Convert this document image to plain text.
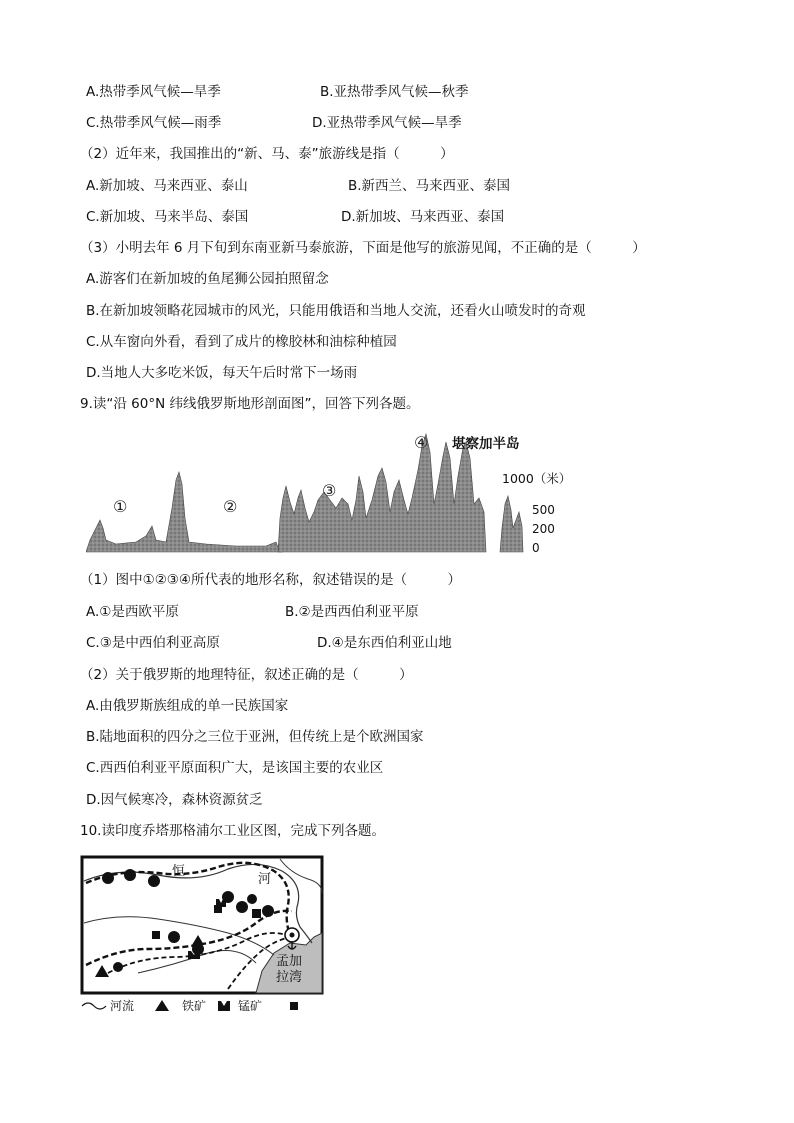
A.热带季风气候—旱季	B.亚热带季风气候—秋季
C.热带季风气候—雨季	D.亚热带季风气候—旱季
（2）近年来，我国推出的“新、马、泰”旅游线是指（　　　）
A.新加坡、马来西亚、泰山	B.新西兰、马来西亚、泰国
C.新加坡、马来半岛、泰国	D.新加坡、马来西亚、泰国
（3）小明去年 6 月下旬到东南亚新马泰旅游，下面是他写的旅游见闻，不正确的是（　　　）
A.游客们在新加坡的鱼尾狮公园拍照留念
B.在新加坡领略花园城市的风光，只能用俄语和当地人交流，还看火山喷发时的奇观
C.从车窗向外看，看到了成片的橡胶林和油棕种植园
D.当地人大多吃米饭，每天午后时常下一场雨
9.读“沿 60°N 纬线俄罗斯地形剖面图”，回答下列各题。
①	②
③
④ 堪察加半岛
1000（米）
500
200
0
（1）图中①②③④所代表的地形名称，叙述错误的是（　　　）
A.①是西欧平原	B.②是西西伯利亚平原
C.③是中西伯利亚高原	D.④是东西伯利亚山地
（2）关于俄罗斯的地理特征，叙述正确的是（　　　）
A.由俄罗斯族组成的单一民族国家
B.陆地面积的四分之三位于亚洲，但传统上是个欧洲国家
C.西西伯利亚平原面积广大，是该国主要的农业区
D.因气候寒冷，森林资源贫乏
10.读印度乔塔那格浦尔工业区图，完成下列各题。
恒
河
孟加
拉湾
河流	铁矿	锰矿
